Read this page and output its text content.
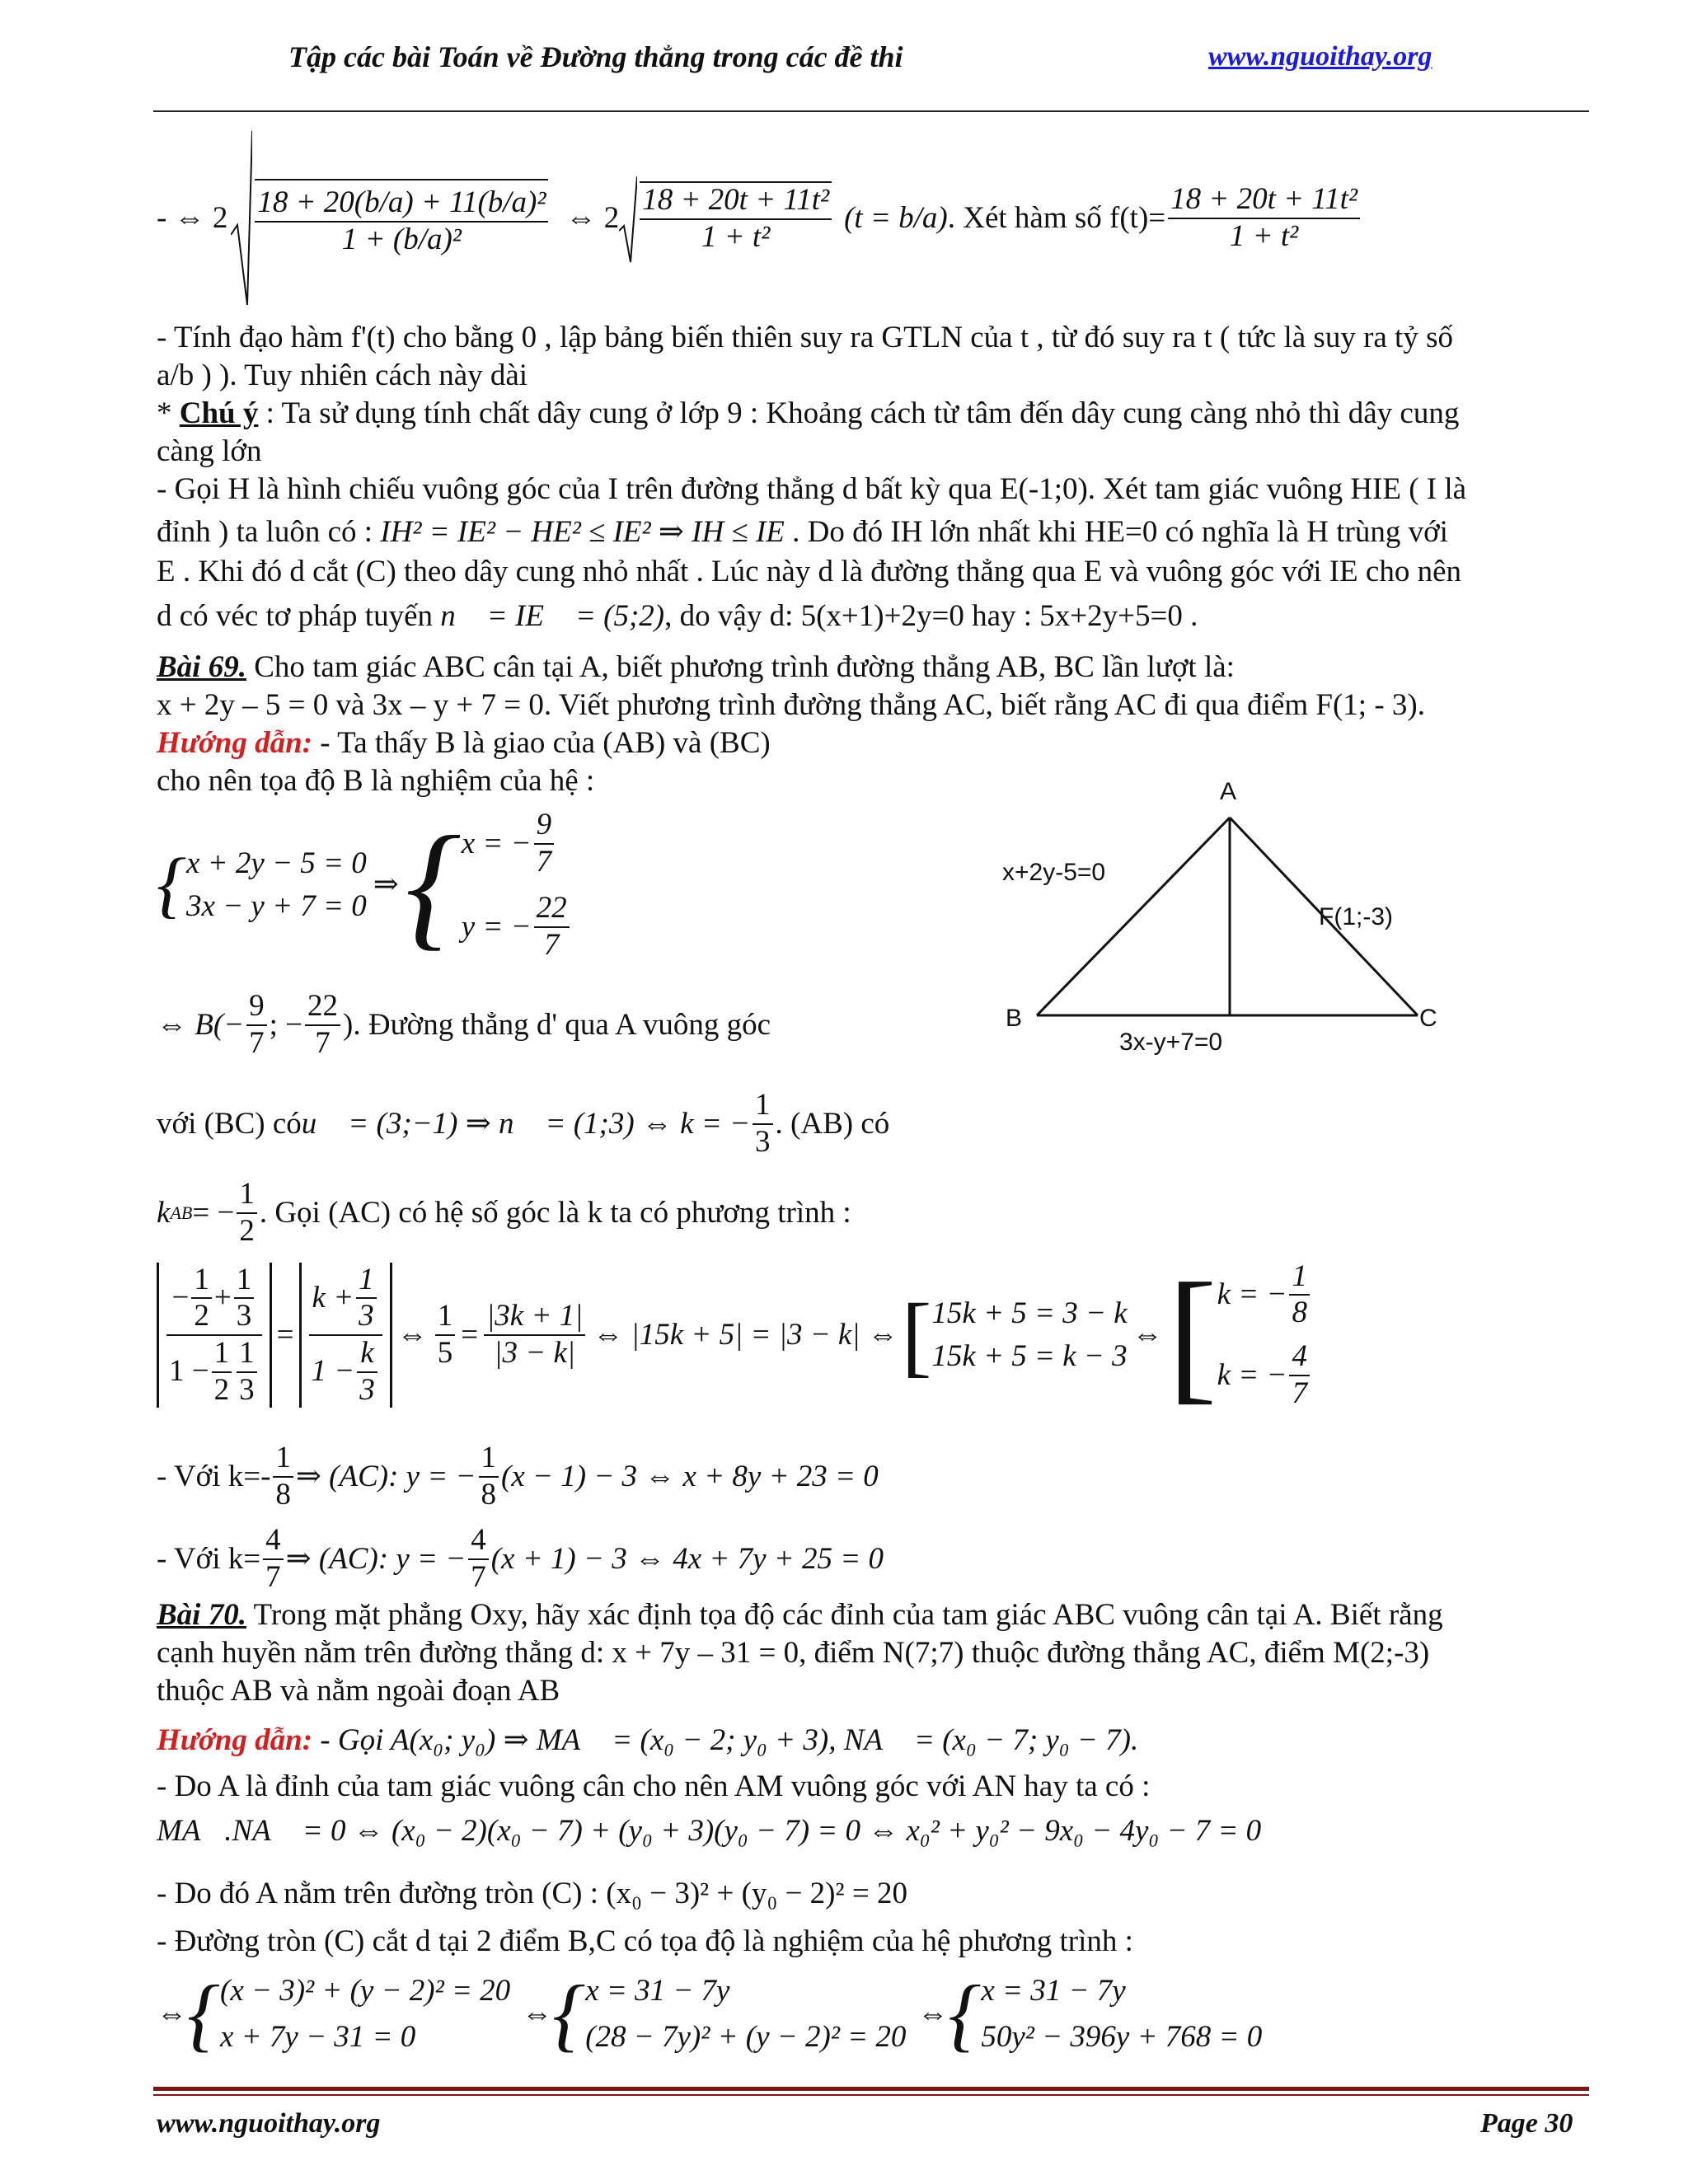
Tập các bài Toán về Đường thẳng trong các đề thi	www.nguoithay.org
- ⇔ $2 \frac{\text{18 + 20(b/a) + 11(b/a)²}}{\text{1 + (b/a)²}}$ ⇔ $2 \frac{\text{18 + 20t + 11t²}}{\text{1 + t²}} (t = b/a)$ . Xét hàm số $f(t)= \frac{\text{18 + 20t + 11t²}}{\text{1 + t²}}$
- Tính đạo hàm f'(t) cho bằng 0 , lập bảng biến thiên suy ra GTLN của t , từ đó suy ra t ( tức là suy ra tỷ số
a/b ) ). Tuy nhiên cách này dài
* Chú ý : Ta sử dụng tính chất dây cung ở lớp 9 : Khoảng cách từ tâm đến dây cung càng nhỏ thì dây cung
càng lớn
- Gọi H là hình chiếu vuông góc của I trên đường thẳng d bất kỳ qua E(-1;0). Xét tam giác vuông HIE ( I là
đỉnh ) ta luôn có : IH² = IE² − HE² ≤ IE² ⇒ IH ≤ IE . Do đó IH lớn nhất khi HE=0 có nghĩa là H trùng với
E . Khi đó d cắt (C) theo dây cung nhỏ nhất . Lúc này d là đường thẳng qua E và vuông góc với IE cho nên
d có véc tơ pháp tuyến n⃗ = IE⃗ = (5;2), do vậy d: 5(x+1)+2y=0 hay : 5x+2y+5=0 .
Bài 69. Cho tam giác ABC cân tại A, biết phương trình đường thẳng AB, BC lần lượt là:
x + 2y – 5 = 0 và 3x – y + 7 = 0. Viết phương trình đường thẳng AC, biết rằng AC đi qua điểm F(1; - 3).
Hướng dẫn: - Ta thấy B là giao của (AB) và (BC)
cho nên tọa độ B là nghiệm của hệ :
{ x + 2y − 5 = 0
3x − y + 7 = 0
⇒ { x = − $\frac{9}{7}$
y = − $\frac{22}{7}$
⇔ $B(- \frac{9}{7}$ ; − $\frac{22}{7}$ ). Đường thẳng d' qua A vuông góc
với (BC) có u⃗ = (3;−1) ⇒ n⃗ = (1;3) ⇔ k = − $\frac{1}{3}$ . (AB) có
k AB = − $\frac{1}{2}$ . Gọi (AC) có hệ số góc là k ta có phương trình :
$\frac{- \frac{1}{2} + \frac{1}{3}}{1 - \frac{1}{2} \frac{1}{3}} = \frac{k + \frac{1}{3}}{1 - \frac{k}{3}}$ ⇔ $\frac{1}{5} = \frac{|3k + 1|}{|3 - k|}$ ⇔ |15k + 5| = |3 − k| ⇔ [ 15k + 5 = 3 − k
15k + 5 = k − 3
⇔ [ k = − $\frac{1}{8}$
k = − $\frac{4}{7}$
- Với $k=- \frac{1}{8}$ ⇒ (AC): y = − $\frac{1}{8} (x - 1) - 3$ ⇔ x + 8y + 23 = 0
- Với $k= \frac{4}{7}$ ⇒ (AC): y = − $\frac{4}{7} (x + 1) - 3$ ⇔ 4x + 7y + 25 = 0
A
B	C
x+2y-5=0
F(1;-3)
3x-y+7=0
Bài 70. Trong mặt phẳng Oxy, hãy xác định tọa độ các đỉnh của tam giác ABC vuông cân tại A. Biết rằng
cạnh huyền nằm trên đường thẳng d: x + 7y – 31 = 0, điểm N(7;7) thuộc đường thẳng AC, điểm M(2;-3)
thuộc AB và nằm ngoài đoạn AB
Hướng dẫn: - Gọi A(x₀; y₀) ⇒ MA⃗ = (x₀ − 2; y₀ + 3), NA⃗ = (x₀ − 7; y₀ − 7).
- Do A là đỉnh của tam giác vuông cân cho nên AM vuông góc với AN hay ta có :
MA⃗.NA⃗ = 0 ⇔ (x₀ − 2)(x₀ − 7) + (y₀ + 3)(y₀ − 7) = 0 ⇔ x₀² + y₀² − 9x₀ − 4y₀ − 7 = 0
- Do đó A nằm trên đường tròn (C) : (x₀ − 3)² + (y₀ − 2)² = 20
- Đường tròn (C) cắt d tại 2 điểm B,C có tọa độ là nghiệm của hệ phương trình :
⇔ { (x − 3)² + (y − 2)² = 20
x + 7y − 31 = 0
⇔ { x = 31 − 7y
(28 − 7y)² + (y − 2)² = 20
⇔ { x = 31 − 7y
50y² − 396y + 768 = 0
www.nguoithay.org	Page 30
